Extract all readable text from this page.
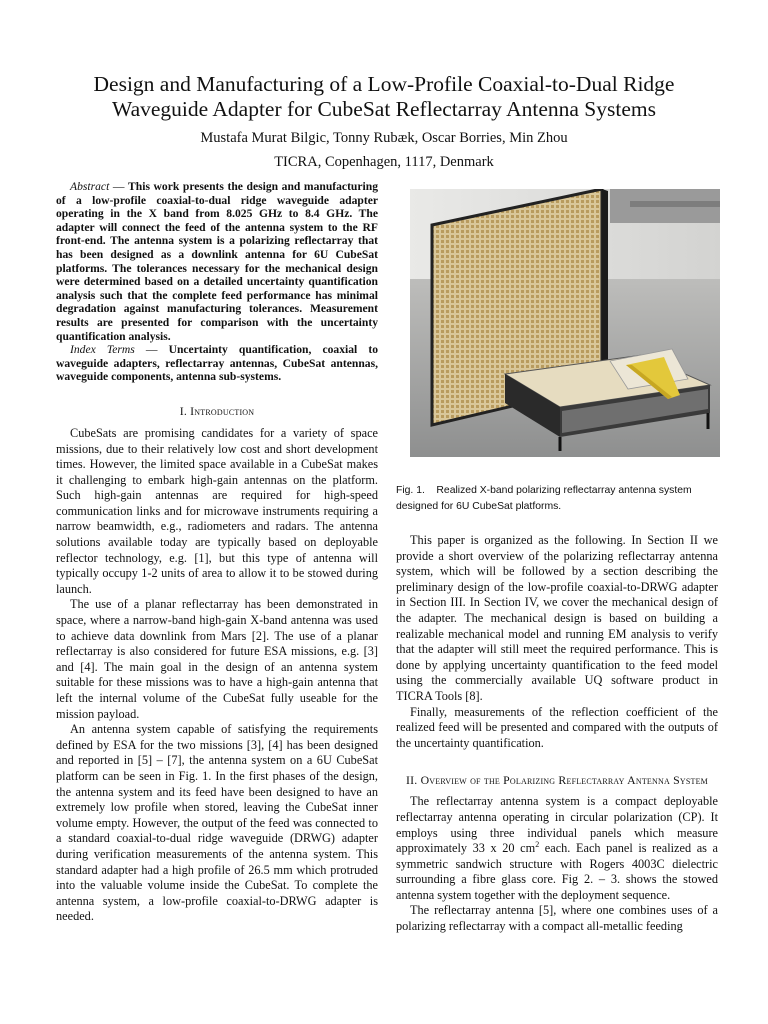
Design and Manufacturing of a Low-Profile Coaxial-to-Dual Ridge
Waveguide Adapter for CubeSat Reflectarray Antenna Systems
Mustafa Murat Bilgic, Tonny Rubæk, Oscar Borries, Min Zhou
TICRA, Copenhagen, 1117, Denmark

Abstract — This work presents the design and manufacturing of a low-profile coaxial-to-dual ridge waveguide adapter operating in the X band from 8.025 GHz to 8.4 GHz. The adapter will connect the feed of the antenna system to the RF front-end. The antenna system is a polarizing reflectarray that has been designed as a downlink antenna for 6U CubeSat platforms. The tolerances necessary for the mechanical design were determined based on a detailed uncertainty quantification analysis such that the complete feed performance has minimal degradation against manufacturing tolerances. Measurement results are presented for comparison with the uncertainty quantification analysis.

Index Terms — Uncertainty quantification, coaxial to waveguide adapters, reflectarray antennas, CubeSat antennas, waveguide components, antenna sub-systems.

I. Introduction

CubeSats are promising candidates for a variety of space missions, due to their relatively low cost and short development times. However, the limited space available in a CubeSat makes it challenging to embark high-gain antennas on the platform. Such high-gain antennas are required for high-speed communication links and for microwave instruments requiring a narrow beamwidth, e.g., radiometers and radars. The antenna solutions available today are typically based on deployable reflector technology, e.g. [1], but this type of antenna will typically occupy 1-2 units of area to allow it to be stowed during launch.

The use of a planar reflectarray has been demonstrated in space, where a narrow-band high-gain X-band antenna was used to achieve data downlink from Mars [2]. The use of a planar reflectarray is also considered for future ESA missions, e.g. [3] and [4]. The main goal in the design of an antenna system suitable for these missions was to have a high-gain antenna that left the internal volume of the CubeSat fully useable for the mission payload.

An antenna system capable of satisfying the requirements defined by ESA for the two missions [3], [4] has been designed and reported in [5] – [7], the antenna system on a 6U CubeSat platform can be seen in Fig. 1. In the first phases of the design, the antenna system and its feed have been designed to have an extremely low profile when stored, leaving the CubeSat inner volume empty. However, the output of the feed was connected to a standard coaxial-to-dual ridge waveguide (DRWG) adapter during verification measurements of the antenna system. This standard adapter had a high profile of 26.5 mm which protruded into the valuable volume inside the CubeSat. To complete the antenna system, a low-profile coaxial-to-DRWG adapter is needed.

Fig. 1.    Realized X-band polarizing reflectarray antenna system designed for 6U CubeSat platforms.

This paper is organized as the following. In Section II we provide a short overview of the polarizing reflectarray antenna system, which will be followed by a section describing the preliminary design of the low-profile coaxial-to-DRWG adapter in Section III. In Section IV, we cover the mechanical design of the adapter. The mechanical design is based on building a realizable mechanical model and running EM analysis to verify that the adapter will still meet the required performance. This is done by applying uncertainty quantification to the feed model using the commercially available UQ software product in TICRA Tools [8].

Finally, measurements of the reflection coefficient of the realized feed will be presented and compared with the outputs of the uncertainty quantification.

II. Overview of the Polarizing Reflectarray Antenna System

The reflectarray antenna system is a compact deployable reflectarray antenna operating in circular polarization (CP). It employs using three individual panels which measure approximately 33 x 20 $cm^2$ each. Each panel is realized as a symmetric sandwich structure with Rogers 4003C dielectric surrounding a fibre glass core. Fig 2. – 3. shows the stowed antenna system together with the deployment sequence.

The reflectarray antenna [5], where one combines uses of a polarizing reflectarray with a compact all-metallic feeding
